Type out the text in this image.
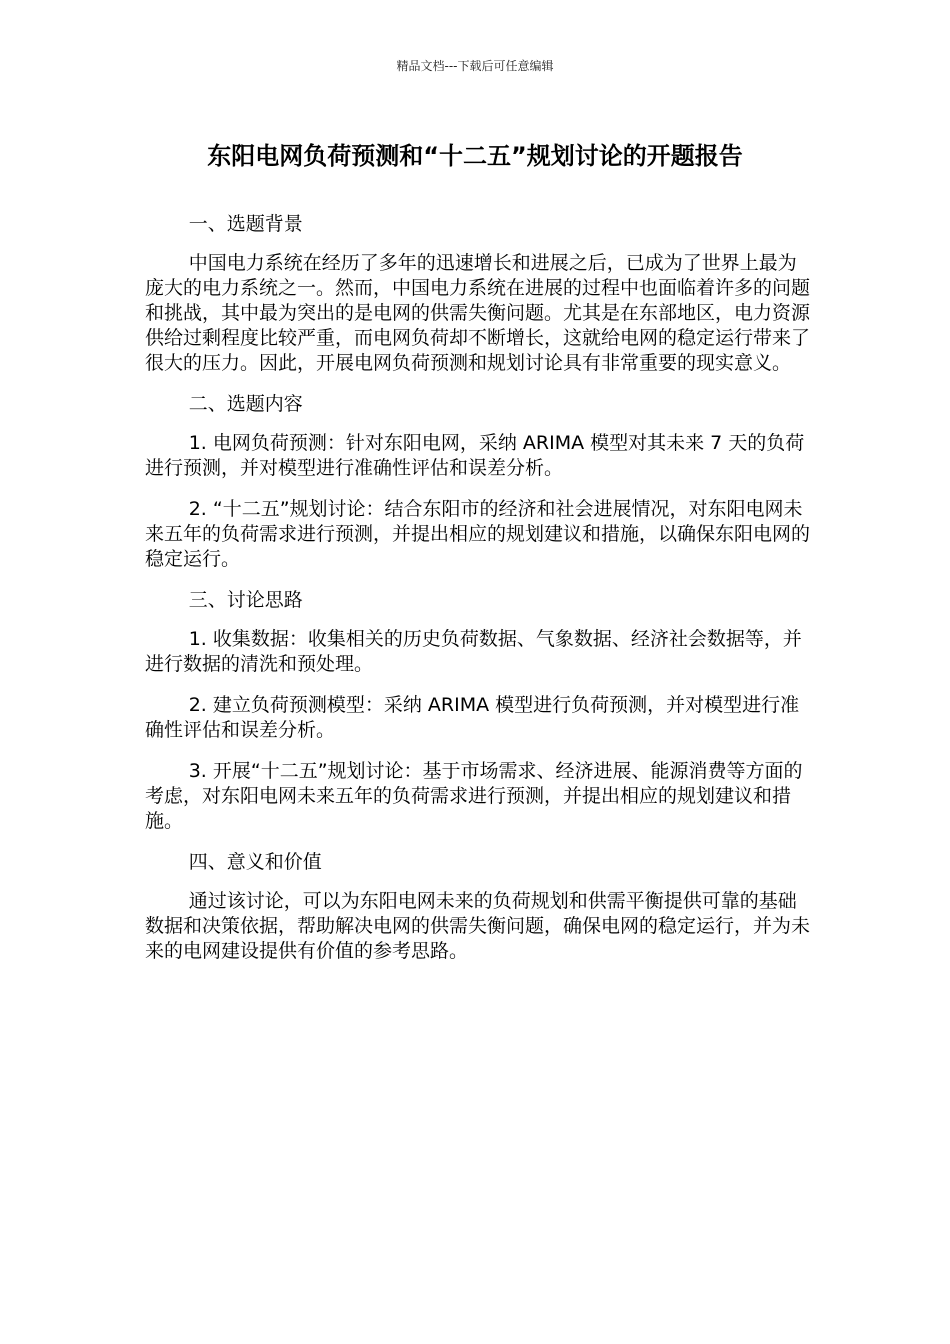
精品文档---下载后可任意编辑
东阳电网负荷预测和“十二五”规划讨论的开题报告

一、选题背景

中国电力系统在经历了多年的迅速增长和进展之后，已成为了世界上最为庞大的电力系统之一。然而，中国电力系统在进展的过程中也面临着许多的问题和挑战，其中最为突出的是电网的供需失衡问题。尤其是在东部地区，电力资源供给过剩程度比较严重，而电网负荷却不断增长，这就给电网的稳定运行带来了很大的压力。因此，开展电网负荷预测和规划讨论具有非常重要的现实意义。

二、选题内容

1. 电网负荷预测：针对东阳电网，采纳 ARIMA 模型对其未来 7 天的负荷进行预测，并对模型进行准确性评估和误差分析。

2. “十二五”规划讨论：结合东阳市的经济和社会进展情况，对东阳电网未来五年的负荷需求进行预测，并提出相应的规划建议和措施，以确保东阳电网的稳定运行。

三、讨论思路

1. 收集数据：收集相关的历史负荷数据、气象数据、经济社会数据等，并进行数据的清洗和预处理。

2. 建立负荷预测模型：采纳 ARIMA 模型进行负荷预测，并对模型进行准确性评估和误差分析。

3. 开展“十二五”规划讨论：基于市场需求、经济进展、能源消费等方面的考虑，对东阳电网未来五年的负荷需求进行预测，并提出相应的规划建议和措施。

四、意义和价值

通过该讨论，可以为东阳电网未来的负荷规划和供需平衡提供可靠的基础数据和决策依据，帮助解决电网的供需失衡问题，确保电网的稳定运行，并为未来的电网建设提供有价值的参考思路。
